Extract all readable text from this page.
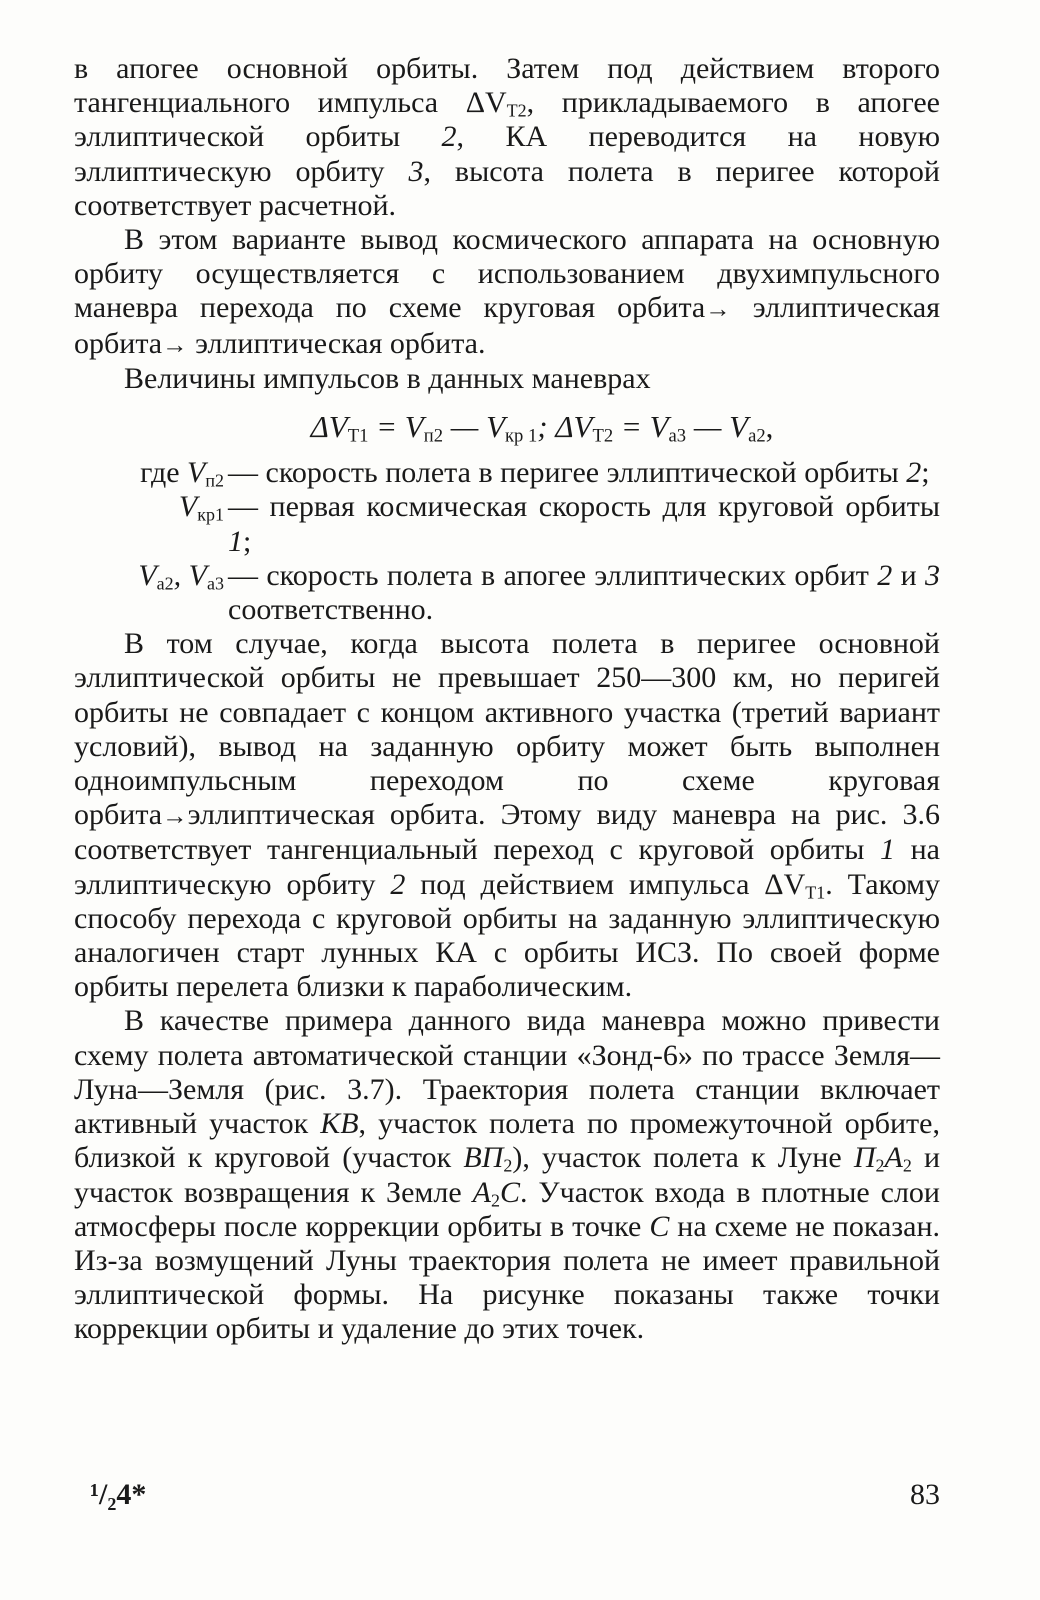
в апогее основной орбиты. Затем под действием второго тангенциального импульса $\Delta V_{T2}$, прикладываемого в апогее эллиптической орбиты 2, КА переводится на новую эллиптическую орбиту 3, высота полета в перигее которой соответствует расчетной.

В этом варианте вывод космического аппарата на основную орбиту осуществляется с использованием двухимпульсного маневра перехода по схеме круговая орбита→ эллиптическая орбита→ эллиптическая орбита.

Величины импульсов в данных маневрах

$\Delta V_{T1} = V_{п2}$ — $V_{кр 1}$; $\Delta V_{T2} = V_{а3}$ — $V_{а2}$,
где $V_{п2}$ — скорость полета в перигее эллиптической орбиты 2;
$V_{кр1}$ — первая космическая скорость для круговой орбиты 1;
$V_{а2}$, $V_{а3}$ — скорость полета в апогее эллиптических орбит 2 и 3 соответственно.

В том случае, когда высота полета в перигее основной эллиптической орбиты не превышает 250—300 км, но перигей орбиты не совпадает с концом активного участка (третий вариант условий), вывод на заданную орбиту может быть выполнен одноимпульсным переходом по схеме круговая орбита→эллиптическая орбита. Этому виду маневра на рис. 3.6 соответствует тангенциальный переход с круговой орбиты 1 на эллиптическую орбиту 2 под действием импульса $\Delta V_{T1}$. Такому способу перехода с круговой орбиты на заданную эллиптическую аналогичен старт лунных КА с орбиты ИСЗ. По своей форме орбиты перелета близки к параболическим.

В качестве примера данного вида маневра можно привести схему полета автоматической станции «Зонд-6» по трассе Земля—Луна—Земля (рис. 3.7). Траектория полета станции включает активный участок KB, участок полета по промежуточной орбите, близкой к круговой (участок $BП_2$), участок полета к Луне $П_2A_2$ и участок возвращения к Земле $A_2C$. Участок входа в плотные слои атмосферы после коррекции орбиты в точке C на схеме не показан. Из-за возмущений Луны траектория полета не имеет правильной эллиптической формы. На рисунке показаны также точки коррекции орбиты и удаление до этих точек.

¹/₂4*	83
